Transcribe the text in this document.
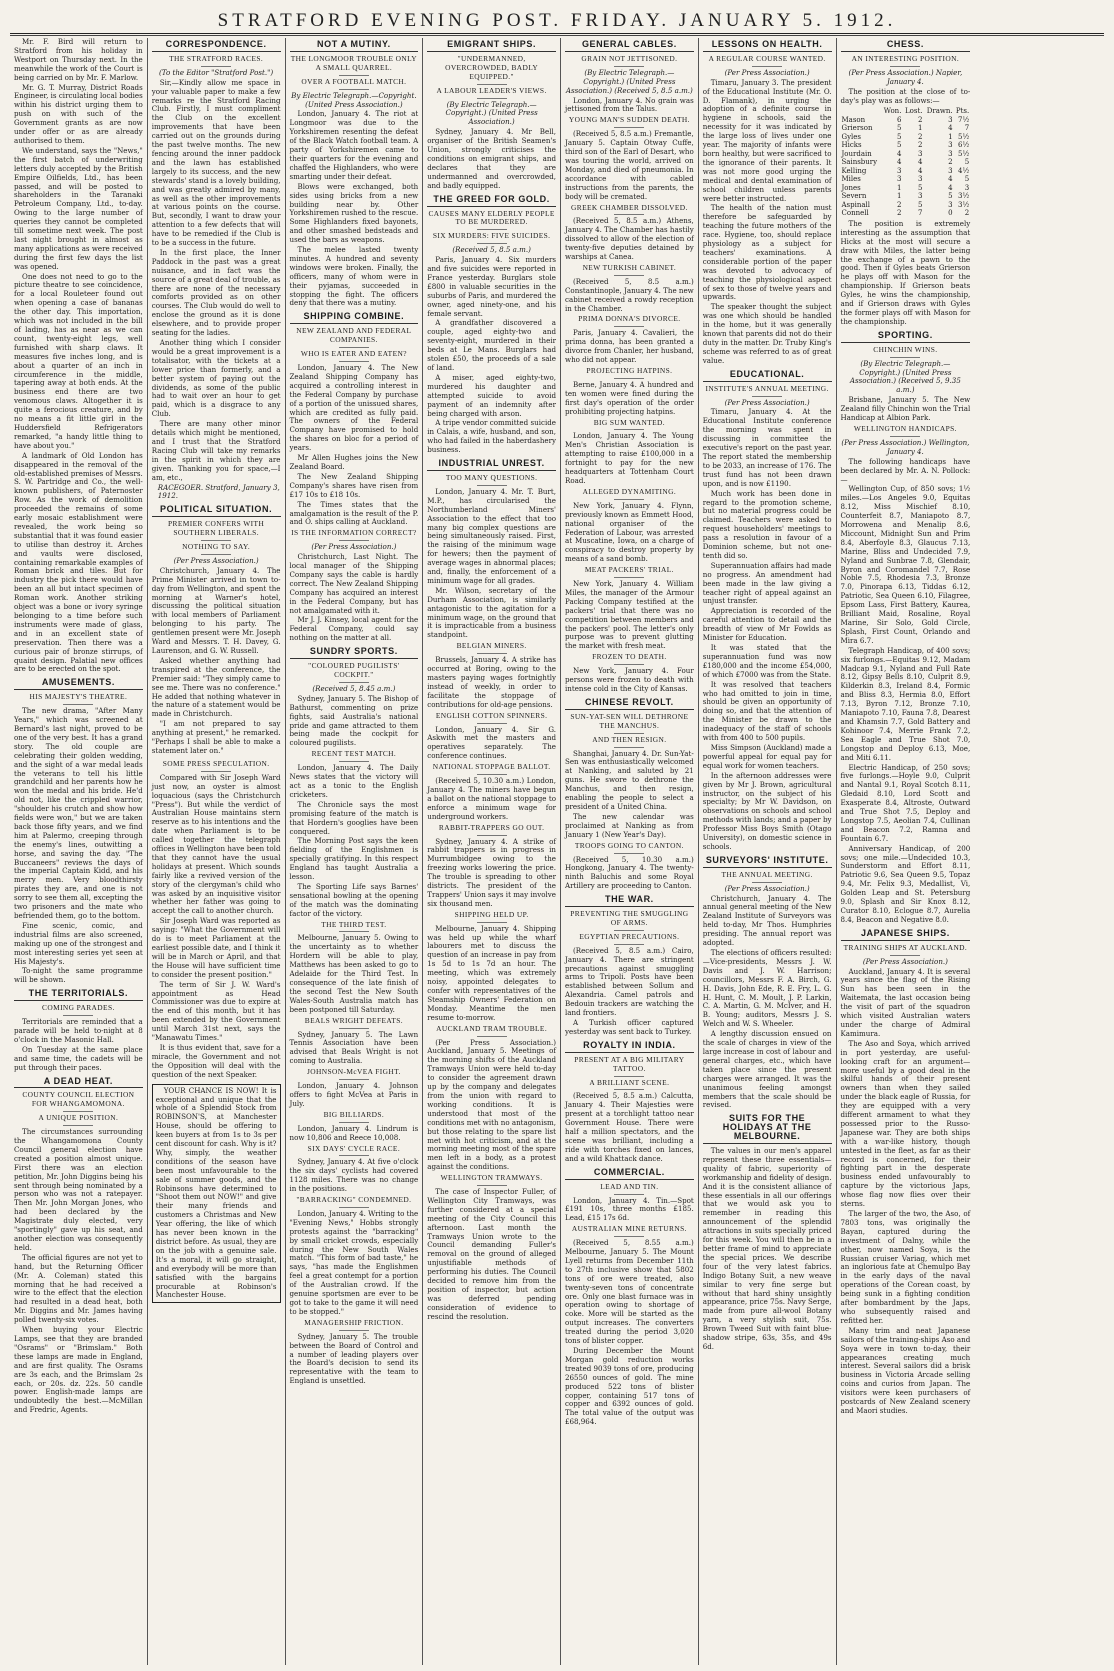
STRATFORD EVENING POST. FRIDAY. JANUARY 5. 1912.

Mr. F. Bird will return to Stratford from his holiday in Westport on Thursday next. In the meanwhile the work of the Court is being carried on by Mr. F. Marlow.

Mr. G. T. Murray, District Roads Engineer, is circulating local bodies within his district urging them to push on with such of the Government grants as are now under offer or as are already authorised to them.

We understand, says the "News," the first batch of underwriting letters duly accepted by the British Empire Oilfields, Ltd., has been passed, and will be posted to shareholders in the Taranaki Petroleum Company, Ltd., to-day. Owing to the large number of queries they cannot be completed till sometime next week. The post last night brought in almost as many applications as were received during the first few days the list was opened.

One does not need to go to the picture theatre to see coincidence, for a local Rouleteer found out when opening a case of bananas the other day. This importation, which was not included in the bill of lading, has as near as we can count, twenty-eight legs, well furnished with sharp claws. It measures five inches long, and is about a quarter of an inch in circumference in the middle, tapering away at both ends. At the business end there are two venomous claws. Altogether it is quite a ferocious creature, and by no means a fit little girl in the Huddersfield Refrigerators remarked, "a handy little thing to have about you."

A landmark of Old London has disappeared in the removal of the old-established premises of Messrs. S. W. Partridge and Co., the well-known publishers, of Paternoster Row. As the work of demolition proceeded the remains of some early mosaic establishment were revealed, the work being so substantial that it was found easier to utilise than destroy it. Arches and vaults were disclosed, containing remarkable examples of Roman brick and tiles. But for industry the pick there would have been an all but intact specimen of Roman work. Another striking object was a bone or ivory syringe belonging to a time before such instruments were made of glass, and in an excellent state of preservation. Then there was a curious pair of bronze stirrups, of quaint design. Palatial new offices are to be erected on the spot.

AMUSEMENTS.
HIS MAJESTY'S THEATRE.

The new drama, "After Many Years," which was screened at Bernard's last night, proved to be one of the very best. It has a grand story. The old couple are celebrating their golden wedding, and the sight of a war medal leads the veterans to tell his little grandchild and her parents how he won the medal and his bride. He'd old not, like the crippled warrior, "shoulder his crutch and show how fields were won," but we are taken back those fifty years, and we find him at Palermo, creeping through the enemy's lines, outwitting a horse, and saving the day. "The Buccaneers" reviews the days of the imperial Captain Kidd, and his merry men. Very bloodthirsty pirates they are, and one is not sorry to see them all, excepting the two prisoners and the mate who befriended them, go to the bottom.

Fine scenic, comic, and industrial films are also screened, making up one of the strongest and most interesting series yet seen at His Majesty's.

To-night the same programme will be shown.

THE TERRITORIALS.
COMING PARADES.

Territorials are reminded that a parade will be held to-night at 8 o'clock in the Masonic Hall.

On Tuesday at the same place and same time, the cadets will be put through their paces.

A DEAD HEAT.
COUNTY COUNCIL ELECTION FOR WHANGAMOMONA.
A UNIQUE POSITION.

The circumstances surrounding the Whangamomona County Council general election have created a position almost unique. First there was an election petition, Mr. John Diggins being his sent through being nominated by a person who was not a ratepayer. Then Mr. John Morgan Jones, who had been declared by the Magistrate duly elected, very "sportingly" gave up his seat, and another election was consequently held.

The official figures are not yet to hand, but the Returning Officer (Mr. A. Coleman) stated this morning that he had received a wire to the effect that the election had resulted in a dead heat, both Mr. Diggins and Mr. James having polled twenty-six votes.

When buying your Electric Lamps, see that they are branded "Osrams" or "Brimslam." Both these lamps are made in England, and are first quality. The Osrams are 3s each, and the Brimslam 2s each, or 20s. dz. 22s. 50 candle power. English-made lamps are undoubtedly the best.—McMillan and Fredric, Agents.

CORRESPONDENCE.
THE STRATFORD RACES.
(To the Editor "Stratford Post.")

Sir,—Kindly allow me space in your valuable paper to make a few remarks re the Stratford Racing Club. Firstly, I must compliment the Club on the excellent improvements that have been carried out on the grounds during the past twelve months. The new fencing around the inner paddock and the lawn has established largely to its success, and the new stewards' stand is a lovely building, and was greatly admired by many, as well as the other improvements at various points on the course. But, secondly, I want to draw your attention to a few defects that will have to be remedied if the Club is to be a success in the future.

In the first place, the Inner Paddock in the past was a great nuisance, and in fact was the source of a great deal of trouble, as there are none of the necessary comforts provided as on other courses. The Club would do well to enclose the ground as it is done elsewhere, and to provide proper seating for the ladies.

Another thing which I consider would be a great improvement is a totalisator, with the tickets at a lower price than formerly, and a better system of paying out the dividends, as some of the public had to wait over an hour to get paid, which is a disgrace to any Club.

There are many other minor details which might be mentioned, and I trust that the Stratford Racing Club will take my remarks in the spirit in which they are given. Thanking you for space,—I am, etc.,

RACEGOER. Stratford, January 3, 1912.
POLITICAL SITUATION.
PREMIER CONFERS WITH SOUTHERN LIBERALS.
NOTHING TO SAY.
(Per Press Association.)

Christchurch, January 4. The Prime Minister arrived in town to-day from Wellington, and spent the morning at Warner's hotel, discussing the political situation with local members of Parliament belonging to his party. The gentlemen present were Mr. Joseph Ward and Messrs. T. H. Davey, G. Laurenson, and G. W. Russell.

Asked whether anything had transpired at the conference, the Premier said: "They simply came to see me. There was no conference." He added that nothing whatever in the nature of a statement would be made in Christchurch.

"I am not prepared to say anything at present," he remarked. "Perhaps I shall be able to make a statement later on."

SOME PRESS SPECULATION.

Compared with Sir Joseph Ward just now, an oyster is almost loquacious (says the Christchurch "Press"). But while the verdict of Australian House maintains stern reserve as to his intentions and the date when Parliament is to be called together the telegraph offices in Wellington have been told that they cannot have the usual holidays at present. Which sounds fairly like a revived version of the story of the clergyman's child who was asked by an inquisitive visitor whether her father was going to accept the call to another church.

Sir Joseph Ward was reported as saying: "What the Government will do is to meet Parliament at the earliest possible date, and I think it will be in March or April, and that the House will have sufficient time to consider the present position."

The term of Sir J. W. Ward's appointment as Head Commissioner was due to expire at the end of this month, but it has been extended by the Government until March 31st next, says the "Manawatu Times."

It is thus evident that, save for a miracle, the Government and not the Opposition will deal with the question of the next Speaker.

YOUR CHANCE IS NOW! It is exceptional and unique that the whole of a Splendid Stock from ROBINSON'S, at Manchester House, should be offering to keen buyers at from 1s to 3s per cent discount for cash. Why is it? Why, simply, the weather conditions of the season have been most unfavourable to the sale of summer goods, and the Robinsons have determined to "Shoot them out NOW!" and give their many friends and customers a Christmas and New Year offering, the like of which has never been known in the district before. As usual, they are on the job with a genuine sale. It's a moral, it will go straight, and everybody will be more than satisfied with the bargains procurable at Robinson's Manchester House.
NOT A MUTINY.
THE LONGMOOR TROUBLE ONLY A SMALL QUARREL.
OVER A FOOTBALL MATCH.
By Electric Telegraph.—Copyright. (United Press Association.)

London, January 4. The riot at Longmoor was due to the Yorkshiremen resenting the defeat of the Black Watch football team. A party of Yorkshiremen came to their quarters for the evening and chaffed the Highlanders, who were smarting under their defeat.

Blows were exchanged, both sides using bricks from a new building near by. Other Yorkshiremen rushed to the rescue. Some Highlanders fixed bayonets, and other smashed bedsteads and used the bars as weapons.

The melee lasted twenty minutes. A hundred and seventy windows were broken. Finally, the officers, many of whom were in their pyjamas, succeeded in stopping the fight. The officers deny that there was a mutiny.

SHIPPING COMBINE.
NEW ZEALAND AND FEDERAL COMPANIES.
WHO IS EATER AND EATEN?

London, January 4. The New Zealand Shipping Company has acquired a controlling interest in the Federal Company by purchase of a portion of the unissued shares, which are credited as fully paid. The owners of the Federal Company have promised to hold the shares on bloc for a period of years.

Mr Allen Hughes joins the New Zealand Board.

The New Zealand Shipping Company's shares have risen from £17 10s to £18 10s.

The Times states that the amalgamation is the result of the P. and O. ships calling at Auckland.

IS THE INFORMATION CORRECT?
(Per Press Association.)

Christchurch, Last Night. The local manager of the Shipping Company says the cable is hardly correct. The New Zealand Shipping Company has acquired an interest in the Federal Company, but has not amalgamated with it.

Mr J. J. Kinsey, local agent for the Federal Company, could say nothing on the matter at all.

SUNDRY SPORTS.
"COLOURED PUGILISTS' COCKPIT."
(Received 5, 8.45 a.m.)

Sydney, January 5. The Bishop of Bathurst, commenting on prize fights, said Australia's national pride and game attracted to them being made the cockpit for coloured pugilists.

RECENT TEST MATCH.

London, January 4. The Daily News states that the victory will act as a tonic to the English cricketers.

The Chronicle says the most promising feature of the match is that Hordern's googlies have been conquered.

The Morning Post says the keen fielding of the Englishmen is specially gratifying. In this respect England has taught Australia a lesson.

The Sporting Life says Barnes' sensational bowling at the opening of the match was the dominating factor of the victory.

THE THIRD TEST.

Melbourne, January 5. Owing to the uncertainty as to whether Hordern will be able to play, Matthews has been asked to go to Adelaide for the Third Test. In consequence of the late finish of the second Test the New South Wales-South Australia match has been postponed till Saturday.

BEALS WRIGHT DEFEATS.

Sydney, January 5. The Lawn Tennis Association have been advised that Beals Wright is not coming to Australia.

JOHNSON-McVEA FIGHT.

London, January 4. Johnson offers to fight McVea at Paris in July.

BIG BILLIARDS.

London, January 4. Lindrum is now 10,806 and Reece 10,008.

SIX DAYS' CYCLE RACE.

Sydney, January 4. At five o'clock the six days' cyclists had covered 1128 miles. There was no change in the positions.

"BARRACKING" CONDEMNED.

London, January 4. Writing to the "Evening News," Hobbs strongly protests against the "barracking" by small cricket crowds, especially during the New South Wales match. "This form of bad taste," he says, "has made the Englishmen feel a great contempt for a portion of the Australian crowd. If the genuine sportsmen are ever to be got to take to the game it will need to be stopped."

MANAGERSHIP FRICTION.

Sydney, January 5. The trouble between the Board of Control and a number of leading players over the Board's decision to send its representative with the team to England is unsettled.

EMIGRANT SHIPS.
"UNDERMANNED, OVERCROWDED, BADLY EQUIPPED."
A LABOUR LEADER'S VIEWS.
(By Electric Telegraph.—Copyright.) (United Press Association.)

Sydney, January 4. Mr Bell, organiser of the British Seamen's Union, strongly criticises the conditions on emigrant ships, and declares that they are undermanned and overcrowded, and badly equipped.

THE GREED FOR GOLD.
CAUSES MANY ELDERLY PEOPLE TO BE MURDERED.
SIX MURDERS: FIVE SUICIDES.
(Received 5, 8.5 a.m.)

Paris, January 4. Six murders and five suicides were reported in France yesterday. Burglars stole £800 in valuable securities in the suburbs of Paris, and murdered the owner, aged ninety-one, and his female servant.

A grandfather discovered a couple, aged eighty-two and seventy-eight, murdered in their beds at Le Mans. Burglars had stolen £50, the proceeds of a sale of land.

A miser, aged eighty-two, murdered his daughter and attempted suicide to avoid payment of an indemnity after being charged with arson.

A tripe vendor committed suicide in Calais, a wife, husband, and son, who had failed in the haberdashery business.

INDUSTRIAL UNREST.
TOO MANY QUESTIONS.

London, January 4. Mr. T. Burt, M.P., has circularised the Northumberland Miners' Association to the effect that too many big complex questions are being simultaneously raised. First, the raising of the minimum wage for hewers; then the payment of average wages in abnormal places; and, finally, the enforcement of a minimum wage for all grades.

Mr. Wilson, secretary of the Durham Association, is similarly antagonistic to the agitation for a minimum wage, on the ground that it is impracticable from a business standpoint.

BELGIAN MINERS.

Brussels, January 4. A strike has occurred at Boring, owing to the masters paying wages fortnightly instead of weekly, in order to facilitate the stoppage of contributions for old-age pensions.

ENGLISH COTTON SPINNERS.

London, January 4. Sir G. Askwith met the masters and operatives separately. The conference continues.

NATIONAL STOPPAGE BALLOT.

(Received 5, 10.30 a.m.) London, January 4. The miners have begun a ballot on the national stoppage to enforce a minimum wage for underground workers.

RABBIT-TRAPPERS GO OUT.

Sydney, January 4. A strike of rabbit trappers is in progress in Murrumbidgee owing to the freezing works lowering the price. The trouble is spreading to other districts. The president of the Trappers' Union says it may involve six thousand men.

SHIPPING HELD UP.

Melbourne, January 4. Shipping was held up while the wharf labourers met to discuss the question of an increase in pay from 1s 5d to 1s 7d an hour. The meeting, which was extremely noisy, appointed delegates to confer with representatives of the Steamship Owners' Federation on Monday. Meantime the men resume to-morrow.

AUCKLAND TRAM TROUBLE.

(Per Press Association.) Auckland, January 5. Meetings of the morning shifts of the Auckland Tramways Union were held to-day to consider the agreement drawn up by the company and delegates from the union with regard to working conditions. It is understood that most of the conditions met with no antagonism, but those relating to the spare list met with hot criticism, and at the morning meeting most of the spare men left in a body, as a protest against the conditions.

WELLINGTON TRAMWAYS.

The case of Inspector Fuller, of Wellington City Tramways, was further considered at a special meeting of the City Council this afternoon. Last month the Tramways Union wrote to the Council demanding Fuller's removal on the ground of alleged unjustifiable methods of performing his duties. The Council decided to remove him from the position of inspector, but action was deferred pending consideration of evidence to rescind the resolution.

GENERAL CABLES.
GRAIN NOT JETTISONED.
(By Electric Telegraph.—Copyright.) (United Press Association.) (Received 5, 8.5 a.m.)

London, January 4. No grain was jettisoned from the Talus.

YOUNG MAN'S SUDDEN DEATH.

(Received 5, 8.5 a.m.) Fremantle, January 5. Captain Otway Cuffe, third son of the Earl of Desart, who was touring the world, arrived on Monday, and died of pneumonia. In accordance with cabled instructions from the parents, the body will be cremated.

GREEK CHAMBER DISSOLVED.

(Received 5, 8.5 a.m.) Athens, January 4. The Chamber has hastily dissolved to allow of the election of twenty-five deputies detained by warships at Canea.

NEW TURKISH CABINET.

(Received 5, 8.5 a.m.) Constantinople, January 4. The new cabinet received a rowdy reception in the Chamber.

PRIMA DONNA'S DIVORCE.

Paris, January 4. Cavalieri, the prima donna, has been granted a divorce from Chanler, her husband, who did not appear.

PROJECTING HATPINS.

Berne, January 4. A hundred and ten women were fined during the first day's operation of the order prohibiting projecting hatpins.

BIG SUM WANTED.

London, January 4. The Young Men's Christian Association is attempting to raise £100,000 in a fortnight to pay for the new headquarters at Tottenham Court Road.

ALLEGED DYNAMITING.

New York, January 4. Flynn, previously known as Emmett Hood, national organiser of the Federation of Labour, was arrested at Muscatine, Iowa, on a charge of conspiracy to destroy property by means of a sand bomb.

MEAT PACKERS' TRIAL.

New York, January 4. William Miles, the manager of the Armour Packing Company testified at the packers' trial that there was no competition between members and the packers' pool. The letter's only purpose was to prevent glutting the market with fresh meat.

FROZEN TO DEATH.

New York, January 4. Four persons were frozen to death with intense cold in the City of Kansas.

CHINESE REVOLT.
SUN-YAT-SEN WILL DETHRONE THE MANCHUS.
AND THEN RESIGN.

Shanghai, January 4. Dr. Sun-Yat-Sen was enthusiastically welcomed at Nanking, and saluted by 21 guns. He swore to dethrone the Manchus, and then resign, enabling the people to select a president of a United China.

The new calendar was proclaimed at Nanking as from January 1 (New Year's Day).

TROOPS GOING TO CANTON.

(Received 5, 10.30 a.m.) Hongkong, January 4. The twenty-ninth Baluchis and some Royal Artillery are proceeding to Canton.

THE WAR.
PREVENTING THE SMUGGLING OF ARMS.
EGYPTIAN PRECAUTIONS.

(Received 5, 8.5 a.m.) Cairo, January 4. There are stringent precautions against smuggling arms to Tripoli. Posts have been established between Sollum and Alexandria. Camel patrols and Bedouin trackers are watching the land frontiers.

A Turkish officer captured yesterday was sent back to Turkey.

ROYALTY IN INDIA.
PRESENT AT A BIG MILITARY TATTOO.
A BRILLIANT SCENE.

(Received 5, 8.5 a.m.) Calcutta, January 4. Their Majesties were present at a torchlight tattoo near Government House. There were half a million spectators, and the scene was brilliant, including a ride with torches fixed on lances, and a wild Khattack dance.

COMMERCIAL.
LEAD AND TIN.

London, January 4. Tin.—Spot £191 10s, three months £185. Lead, £15 17s 6d.

AUSTRALIAN MINE RETURNS.

(Received 5, 8.55 a.m.) Melbourne, January 5. The Mount Lyell returns from December 11th to 27th inclusive show that 5802 tons of ore were treated, also twenty-seven tons of concentrate ore. Only one blast furnace was in operation owing to shortage of coke. More will be started as the output increases. The converters treated during the period 3,020 tons of blister copper.

During December the Mount Morgan gold reduction works treated 9039 tons of ore, producing 26550 ounces of gold. The mine produced 522 tons of blister copper, containing 517 tons of copper and 6392 ounces of gold. The total value of the output was £68,964.

LESSONS ON HEALTH.
A REGULAR COURSE WANTED.
(Per Press Association.)

Timaru, January 3. The president of the Educational Institute (Mr. O. D. Flamank), in urging the adoption of a definite course in hygiene in schools, said the necessity for it was indicated by the large loss of lives under one year. The majority of infants were born healthy, but were sacrificed to the ignorance of their parents. It was not more good urging the medical and dental examination of school children unless parents were better instructed.

The health of the nation must therefore be safeguarded by teaching the future mothers of the race. Hygiene, too, should replace physiology as a subject for teachers' examinations. A considerable portion of the paper was devoted to advocacy of teaching the physiological aspect of sex to those of twelve years and upwards.

The speaker thought the subject was one which should be handled in the home, but it was generally known that parents did not do their duty in the matter. Dr. Truby King's scheme was referred to as of great value.

EDUCATIONAL.
INSTITUTE'S ANNUAL MEETING.
(Per Press Association.)

Timaru, January 4. At the Educational Institute conference the morning was spent in discussing in committee the executive's report on the past year. The report stated the membership to be 2033, an increase of 176. The trust fund has not been drawn upon, and is now £1190.

Much work has been done in regard to the promotion scheme, but no material progress could be claimed. Teachers were asked to request householders' meetings to pass a resolution in favour of a Dominion scheme, but not one-tenth did so.

Superannuation affairs had made no progress. An amendment had been made in the law giving a teacher right of appeal against an unjust transfer.

Appreciation is recorded of the careful attention to detail and the breadth of view of Mr Fowlds as Minister for Education.

It was stated that the superannuation fund was now £180,000 and the income £54,000, of which £7000 was from the State.

It was resolved that teachers who had omitted to join in time, should be given an opportunity of doing so, and that the attention of the Minister be drawn to the inadequacy of the staff of schools with from 400 to 500 pupils.

Miss Simpson (Auckland) made a powerful appeal for equal pay for equal work for women teachers.

In the afternoon addresses were given by Mr J. Brown, agricultural instructor, on the subject of his specialty; by Mr W. Davidson, on observations on schools and school methods with lands; and a paper by Professor Miss Boys Smith (Otago University), on domestic science in schools.

SURVEYORS' INSTITUTE.
THE ANNUAL MEETING.
(Per Press Association.)

Christchurch, January 4. The annual general meeting of the New Zealand Institute of Surveyors was held to-day, Mr Thos. Humphries presiding. The annual report was adopted.

The elections of officers resulted:—Vice-presidents, Messrs J. W. Davis and J. W. Harrison; councillors, Messrs F. A. Birch, G. H. Davis, John Ede, R. E. Fry, L. G. H. Hunt, C. M. Moult, J. P. Larkin, C. A. Martin, G. M. McIver, and H. B. Young; auditors, Messrs J. S. Welch and W. S. Wheeler.

A lengthy discussion ensued on the scale of charges in view of the large increase in cost of labour and general charges, etc., which have taken place since the present charges were arranged. It was the unanimous feeling amongst members that the scale should be revised.

SUITS FOR THE HOLIDAYS AT THE MELBOURNE.

The values in our men's apparel represent these three essentials—quality of fabric, superiority of workmanship and fidelity of design. And it is the consistent alliance of these essentials in all our offerings that we would ask you to remember in reading this announcement of the splendid attractions in suits specially priced for this week. You will then be in a better frame of mind to appreciate the special prices. We describe four of the very latest fabrics. Indigo Botany Suit, a new weave similar to very fine serge but without that hard shiny unsightly appearance, price 75s. Navy Serge, made from pure all-wool Botany yarn, a very stylish suit, 75s. Brown Tweed Suit with faint blue-shadow stripe, 63s, 35s, and 49s 6d.

CHESS.
AN INTERESTING POSITION.
(Per Press Association.) Napier, January 4.

The position at the close of to-day's play was as follows:—

	Won.	Lost.	Drawn.	Pts.
Mason	6	2	3	7½
Grierson	5	1	4	7
Gyles	5	2	1	5½
Hicks	5	2	3	6½
Jourdain	4	3	3	5½
Sainsbury	4	4	2	5
Kelling	3	4	3	4½
Miles	3	3	4	5
Jones	1	5	4	3
Severn	1	3	5	3½
Aspinall	2	5	3	3½
Connell	2	7	0	2

The position is extremely interesting as the assumption that Hicks at the most will secure a draw with Miles, the latter being the exchange of a pawn to the good. Then if Gyles beats Grierson he plays off with Mason for the championship. If Grierson beats Gyles, he wins the championship, and if Grierson draws with Gyles the former plays off with Mason for the championship.

SPORTING.
CHINCHIN WINS.
(By Electric Telegraph.—Copyright.) (United Press Association.) (Received 5, 9.35 a.m.)

Brisbane, January 5. The New Zealand filly Chinchin won the Trial Handicap at Albion Park.

WELLINGTON HANDICAPS.
(Per Press Association.) Wellington, January 4.

The following handicaps have been declared by Mr. A. N. Pollock:—

Wellington Cup, of 850 sovs; 1½ miles.—Los Angeles 9.0, Equitas 8.12, Miss Mischief 8.10, Counterfeit 8.7, Maniapoto 8.7, Morrowena and Menalip 8.6, Miccount, Midnight Sun and Prim 8.4, Aberfoyle 8.3, Glaucus 7.13, Marine, Bliss and Undecided 7.9, Nyland and Sunbrae 7.8, Glendair, Byron and Coromandel 7.7, Rose Noble 7.5, Rhodesia 7.3, Bronze 7.0, Pinorapa 6.13, Tiddas 6.12, Patriotic, Sea Queen 6.10, Filagree, Epsom Lass, First Battery, Kaurea, Brilliant Maid, Rosaline, Royal Marine, Sir Solo, Gold Circle, Splash, First Count, Orlando and Mira 6.7.

Telegraph Handicap, of 400 sovs; six furlongs.—Equitas 9.12, Madam Madcap 9.1, Nyland and Full Rate 8.12, Gipsy Bells 8.10, Culprit 8.9, Kilderkin 8.3, Ireland 8.4, Formic and Bliss 8.3, Hermia 8.0, Effort 7.13, Byron 7.12, Bronze 7.10, Maniapoto 7.10, Fauna 7.8, Dearest and Khamsin 7.7, Gold Battery and Kohinoor 7.4, Merrie Frank 7.2, Sea Eagle and True Shot 7.0, Longstop and Deploy 6.13, Moe, and Miti 6.11.

Electric Handicap, of 250 sovs; five furlongs.—Hoyle 9.0, Culprit and Nantal 9.1, Royal Scotch 8.11, Gledaid 8.10, Lord Scott and Exasperate 8.4, Altroste, Outward and True Shot 7.5, Deploy and Longstop 7.5, Aeolian 7.4, Cullinan and Beacon 7.2, Ramna and Fountain 6.7.

Anniversary Handicap, of 200 sovs; one mile.—Undecided 10.3, Sunderstorm and Effort 8.11, Patriotic 9.6, Sea Queen 9.5, Topaz 9.4, Mr. Felix 9.3, Medallist, Vi, Golden Leap and St. Petersburg 9.0, Splash and Sir Knox 8.12, Curator 8.10, Eclogue 8.7, Aurelia 8.4, Beacon and Negative 8.0.

JAPANESE SHIPS.
TRAINING SHIPS AT AUCKLAND.
(Per Press Association.)

Auckland, January 4. It is several years since the flag of the Rising Sun has been seen in the Waitemata, the last occasion being the visit of part of the squadron which visited Australian waters under the charge of Admiral Kamimura.

The Aso and Soya, which arrived in port yesterday, are useful-looking craft for an argument—more useful by a good deal in the skilful hands of their present owners than when they sailed under the black eagle of Russia, for they are equipped with a very different armament to what they possessed prior to the Russo-Japanese war. They are both ships with a war-like history, though untested in the fleet, as far as their record is concerned, for their fighting part in the desperate business ended unfavourably to capture by the victorious Japs, whose flag now flies over their sterns.

The larger of the two, the Aso, of 7803 tons, was originally the Bayan, captured during the investment of Dalny, while the other, now named Soya, is the Russian cruiser Variag, which met an inglorious fate at Chemulpo Bay in the early days of the naval operations of the Corean coast, by being sunk in a fighting condition after bombardment by the Japs, who subsequently raised and refitted her.

Many trim and neat Japanese sailors of the training-ships Aso and Soya were in town to-day, their appearances creating much interest. Several sailors did a brisk business in Victoria Arcade selling coins and curios from Japan. The visitors were keen purchasers of postcards of New Zealand scenery and Maori studies.
